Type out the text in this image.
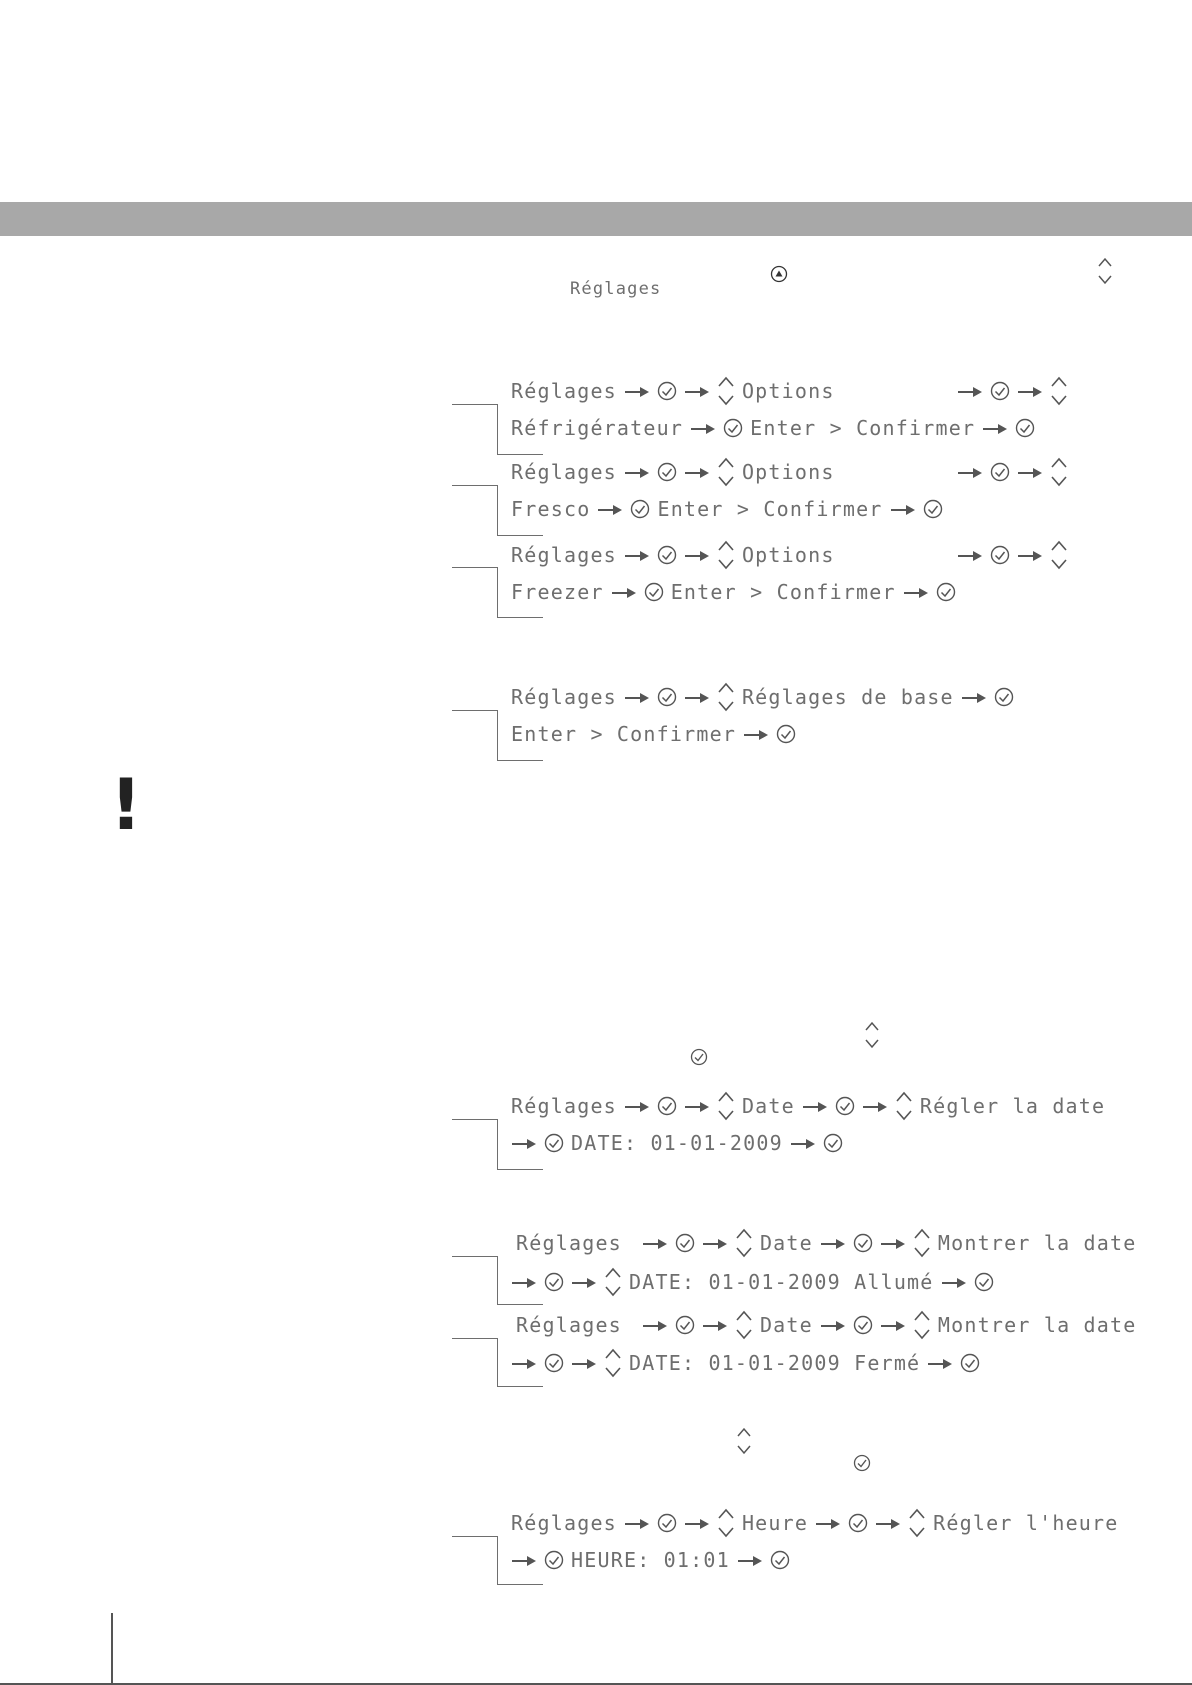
Réglages
Réglages	Options
Réfrigérateur	Enter > Confirmer
Réglages	Options
Fresco	Enter > Confirmer
Réglages	Options
Freezer	Enter > Confirmer
Réglages	Réglages de base
Enter > Confirmer
!
Réglages	Date	Régler la date
DATE: 01-01-2009
Réglages	Date	Montrer la date
DATE: 01-01-2009 Allumé
Réglages	Date	Montrer la date
DATE: 01-01-2009 Fermé
Réglages	Heure	Régler l'heure
HEURE: 01:01
